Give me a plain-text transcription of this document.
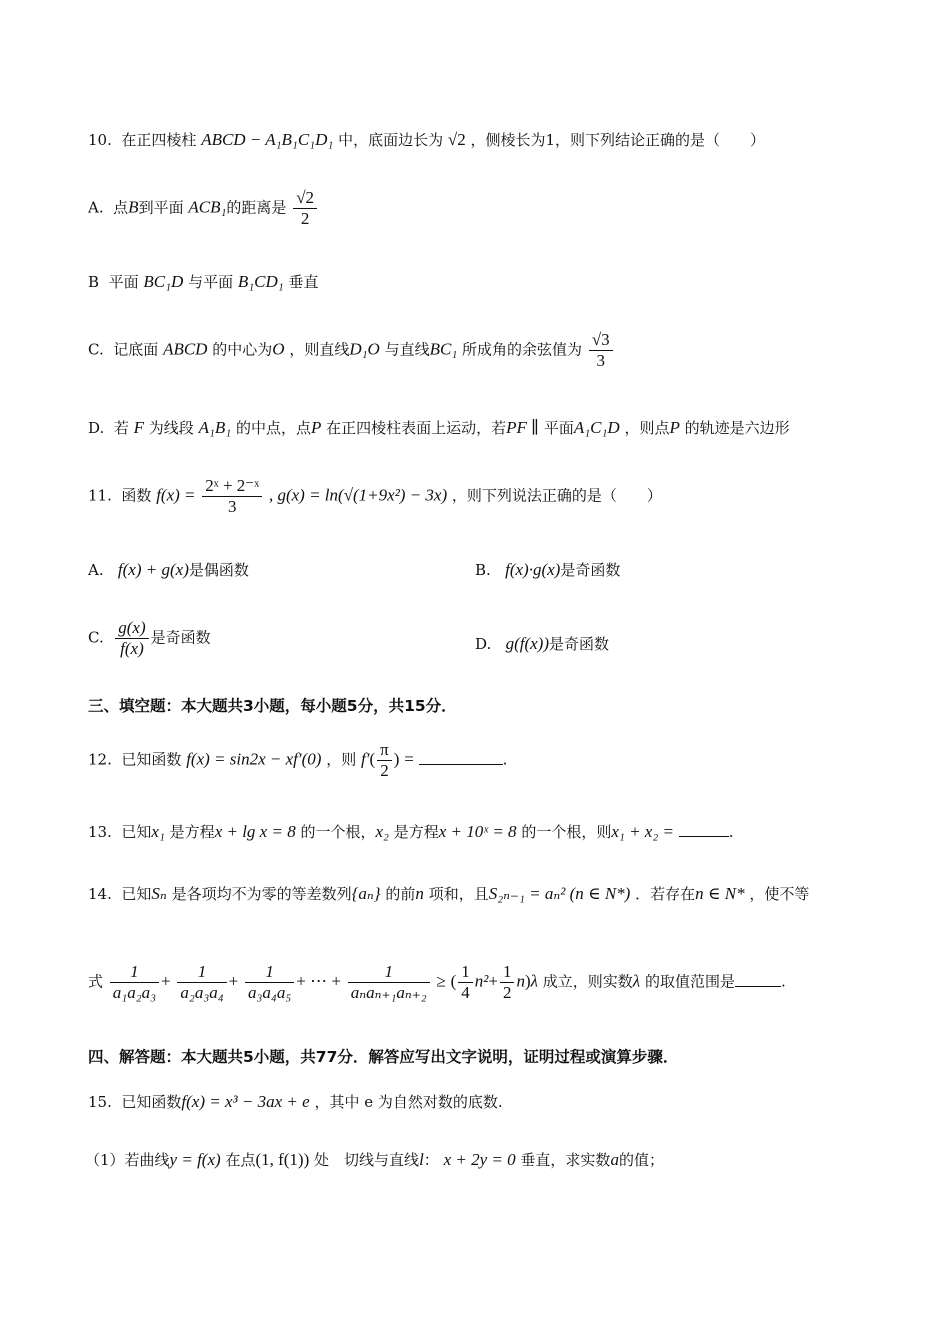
10. 在正四棱柱 ABCD − A₁B₁C₁D₁ 中，底面边长为 √2 ，侧棱长为1，则下列结论正确的是（　　）
A. 点B到平面 ACB₁的距离是 $\frac{√2}{2}$
B 平面 BC₁D 与平面 B₁CD₁ 垂直
C. 记底面 ABCD 的中心为O ，则直线D₁O 与直线BC₁ 所成角的余弦值为 $\frac{√3}{3}$
D. 若 F 为线段 A₁B₁ 的中点，点P 在正四棱柱表面上运动，若PF ∥ 平面A₁C₁D ，则点P 的轨迹是六边形
11. 函数 $f(x) = \frac{\text{2ˣ + 2⁻ˣ}}{3}$ , g(x) = ln(√(1+9x²) − 3x) ，则下列说法正确的是（　　）
A. f(x) + g(x)是偶函数	B. f(x)·g(x)是奇函数
C. $\frac{g(x)}{f(x)}$ 是奇函数	D. g(f(x))是奇函数
三、填空题：本大题共3小题，每小题5分，共15分．
12. 已知函数 f(x) = sin2x − xf′(0) ，则 $f'( \frac{\pi}{2}$ ) =	.
13. 已知x₁ 是方程x + lg x = 8 的一个根，x₂ 是方程x + 10ˣ = 8 的一个根，则x₁ + x₂ =	.
14. 已知Sₙ 是各项均不为零的等差数列{aₙ} 的前n 项和，且S₂ₙ₋₁ = aₙ² (n ∈ N*) ．若存在n ∈ N* ，使不等
式 $\frac{1}{\text{a₁a₂a₃}} + \frac{1}{\text{a₂a₃a₄}} + \frac{1}{\text{a₃a₄a₅}}$ + ⋯ + $\frac{1}{\text{aₙaₙ₊₁aₙ₊₂}}$ ≥ ( $\frac{1}{4} n^2+ \frac{1}{2} n)\lambda$ 成立，则实数λ 的取值范围是	.
四、解答题：本大题共5小题，共77分．解答应写出文字说明，证明过程或演算步骤．
15. 已知函数f(x) = x³ − 3ax + e ，其中 e 为自然对数的底数.
（1）若曲线y = f(x) 在点(1, f(1)) 处　切线与直线l： x + 2y = 0 垂直，求实数a的值；
